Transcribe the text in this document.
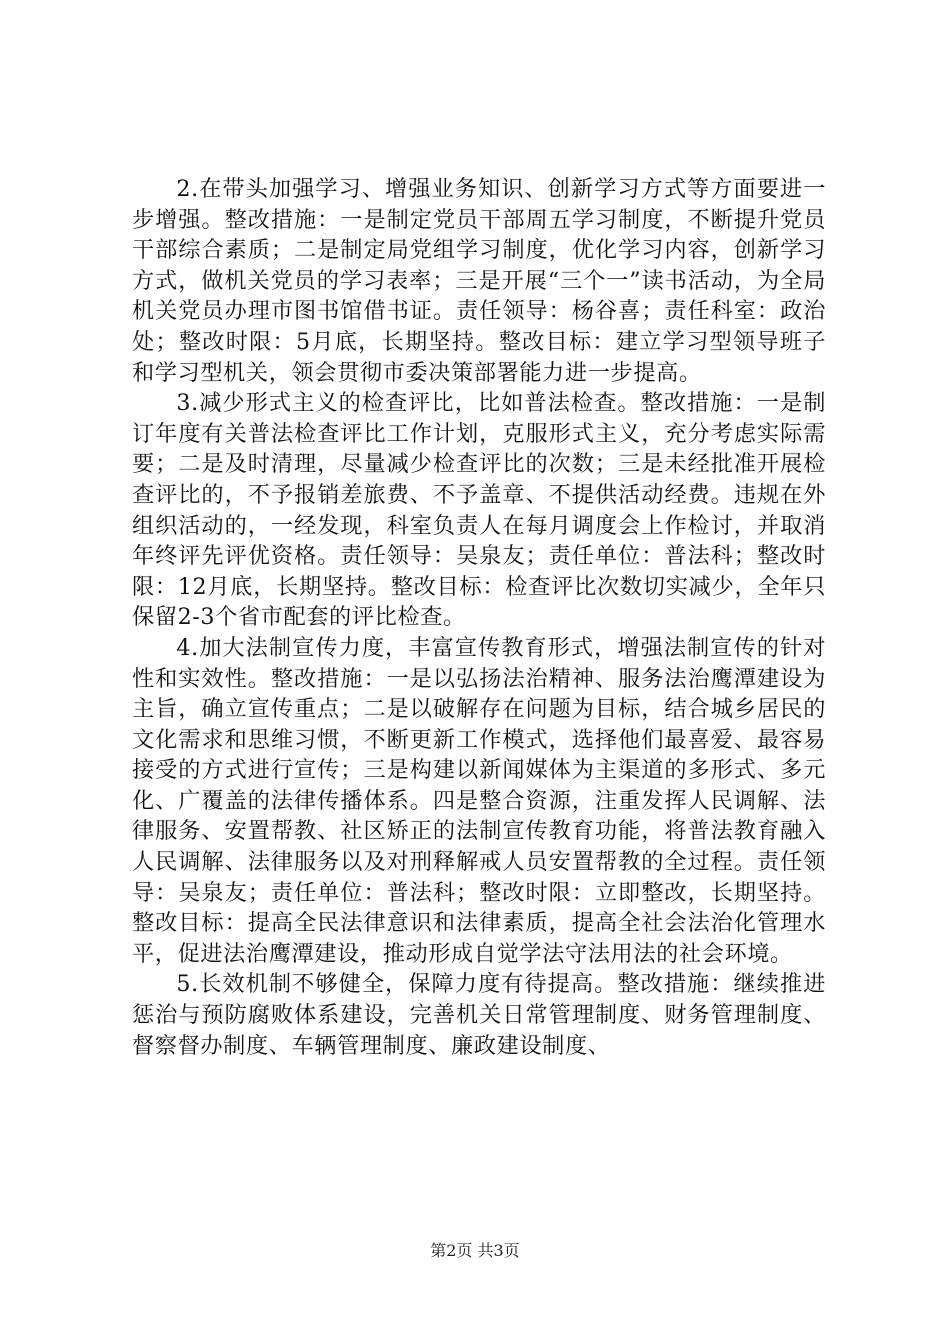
2.在带头加强学习、增强业务知识、创新学习方式等方面要进一步增强。整改措施：一是制定党员干部周五学习制度，不断提升党员干部综合素质；二是制定局党组学习制度，优化学习内容，创新学习方式，做机关党员的学习表率；三是开展“三个一”读书活动，为全局机关党员办理市图书馆借书证。责任领导：杨谷喜；责任科室：政治处；整改时限：5月底，长期坚持。整改目标：建立学习型领导班子和学习型机关，领会贯彻市委决策部署能力进一步提高。

3.减少形式主义的检查评比，比如普法检查。整改措施：一是制订年度有关普法检查评比工作计划，克服形式主义，充分考虑实际需要；二是及时清理，尽量减少检查评比的次数；三是未经批准开展检查评比的，不予报销差旅费、不予盖章、不提供活动经费。违规在外组织活动的，一经发现，科室负责人在每月调度会上作检讨，并取消年终评先评优资格。责任领导：吴泉友；责任单位：普法科；整改时限：12月底，长期坚持。整改目标：检查评比次数切实减少，全年只保留2-3个省市配套的评比检查。

4.加大法制宣传力度，丰富宣传教育形式，增强法制宣传的针对性和实效性。整改措施：一是以弘扬法治精神、服务法治鹰潭建设为主旨，确立宣传重点；二是以破解存在问题为目标，结合城乡居民的文化需求和思维习惯，不断更新工作模式，选择他们最喜爱、最容易接受的方式进行宣传；三是构建以新闻媒体为主渠道的多形式、多元化、广覆盖的法律传播体系。四是整合资源，注重发挥人民调解、法律服务、安置帮教、社区矫正的法制宣传教育功能，将普法教育融入人民调解、法律服务以及对刑释解戒人员安置帮教的全过程。责任领导：吴泉友；责任单位：普法科；整改时限：立即整改，长期坚持。整改目标：提高全民法律意识和法律素质，提高全社会法治化管理水平，促进法治鹰潭建设，推动形成自觉学法守法用法的社会环境。

5.长效机制不够健全，保障力度有待提高。整改措施：继续推进惩治与预防腐败体系建设，完善机关日常管理制度、财务管理制度、督察督办制度、车辆管理制度、廉政建设制度、

第2页 共3页
